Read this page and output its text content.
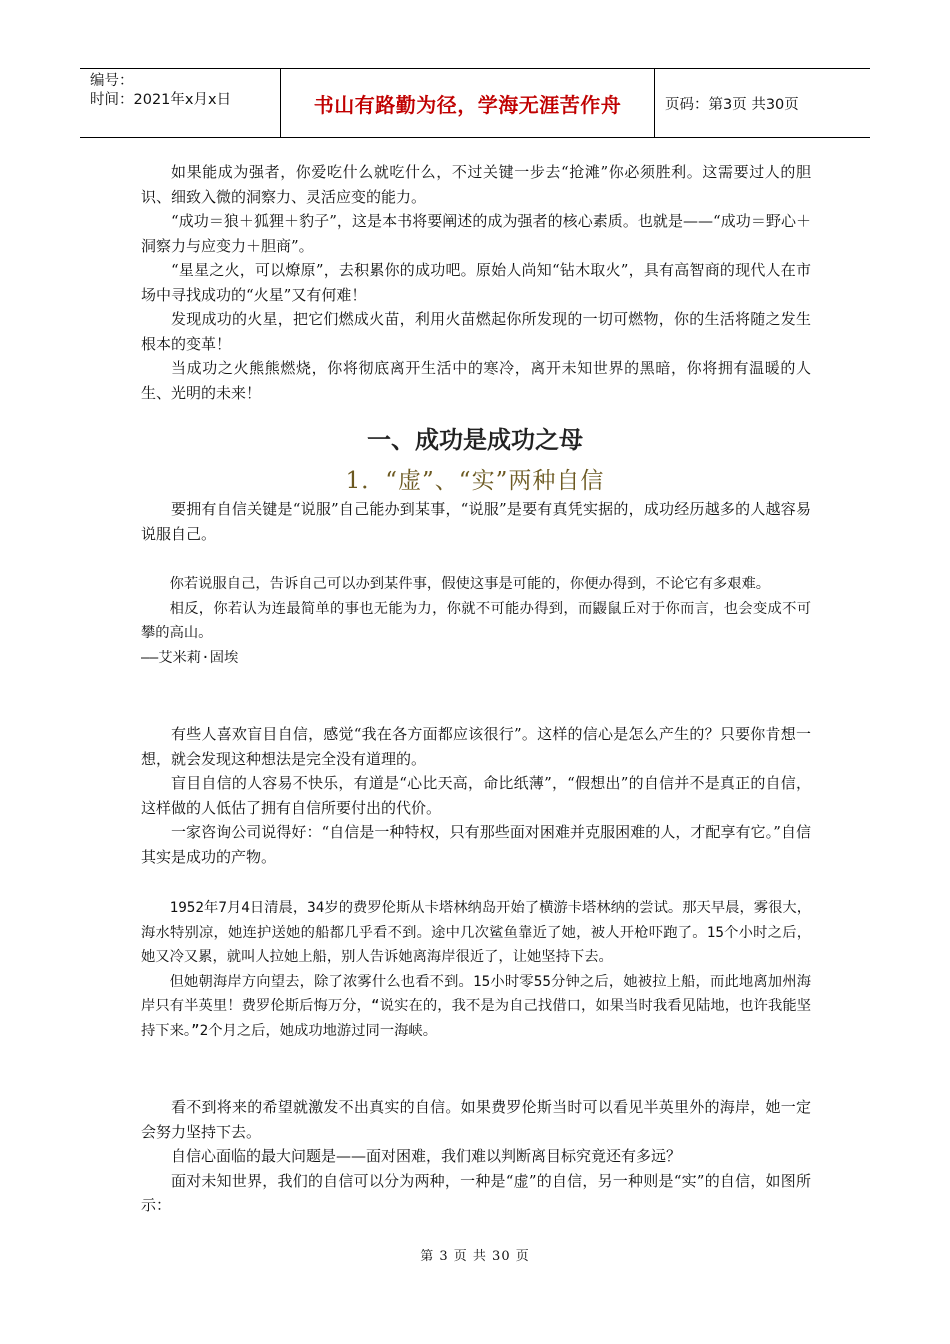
编号：
时间：2021年x月x日	书山有路勤为径，学海无涯苦作舟	页码：第3页 共30页

如果能成为强者，你爱吃什么就吃什么，不过关键一步去“抢滩”你必须胜利。这需要过人的胆识、细致入微的洞察力、灵活应变的能力。

“成功＝狼＋狐狸＋豹子”，这是本书将要阐述的成为强者的核心素质。也就是——“成功＝野心＋洞察力与应变力＋胆商”。

“星星之火，可以燎原”，去积累你的成功吧。原始人尚知“钻木取火”，具有高智商的现代人在市场中寻找成功的“火星”又有何难！

发现成功的火星，把它们燃成火苗，利用火苗燃起你所发现的一切可燃物，你的生活将随之发生根本的变革！

当成功之火熊熊燃烧，你将彻底离开生活中的寒冷，离开未知世界的黑暗，你将拥有温暖的人生、光明的未来！

一、成功是成功之母
1．“虚”、“实”两种自信

要拥有自信关键是“说服”自己能办到某事，“说服”是要有真凭实据的，成功经历越多的人越容易说服自己。

你若说服自己，告诉自己可以办到某件事，假使这事是可能的，你便办得到，不论它有多艰难。

相反，你若认为连最简单的事也无能为力，你就不可能办得到，而鼹鼠丘对于你而言，也会变成不可攀的高山。

——艾米莉·固埃

有些人喜欢盲目自信，感觉“我在各方面都应该很行”。这样的信心是怎么产生的？只要你肯想一想，就会发现这种想法是完全没有道理的。

盲目自信的人容易不快乐，有道是“心比天高，命比纸薄”，“假想出”的自信并不是真正的自信，这样做的人低估了拥有自信所要付出的代价。

一家咨询公司说得好：“自信是一种特权，只有那些面对困难并克服困难的人，才配享有它。”自信其实是成功的产物。

1952年7月4日清晨，34岁的费罗伦斯从卡塔林纳岛开始了横游卡塔林纳的尝试。那天早晨，雾很大，海水特别凉，她连护送她的船都几乎看不到。途中几次鲨鱼靠近了她，被人开枪吓跑了。15个小时之后，她又冷又累，就叫人拉她上船，别人告诉她离海岸很近了，让她坚持下去。

但她朝海岸方向望去，除了浓雾什么也看不到。15小时零55分钟之后，她被拉上船，而此地离加州海岸只有半英里！费罗伦斯后悔万分，“说实在的，我不是为自己找借口，如果当时我看见陆地，也许我能坚持下来。”2个月之后，她成功地游过同一海峡。

看不到将来的希望就激发不出真实的自信。如果费罗伦斯当时可以看见半英里外的海岸，她一定会努力坚持下去。

自信心面临的最大问题是——面对困难，我们难以判断离目标究竟还有多远？

面对未知世界，我们的自信可以分为两种，一种是“虚”的自信，另一种则是“实”的自信，如图所示：

第 3 页 共 30 页
